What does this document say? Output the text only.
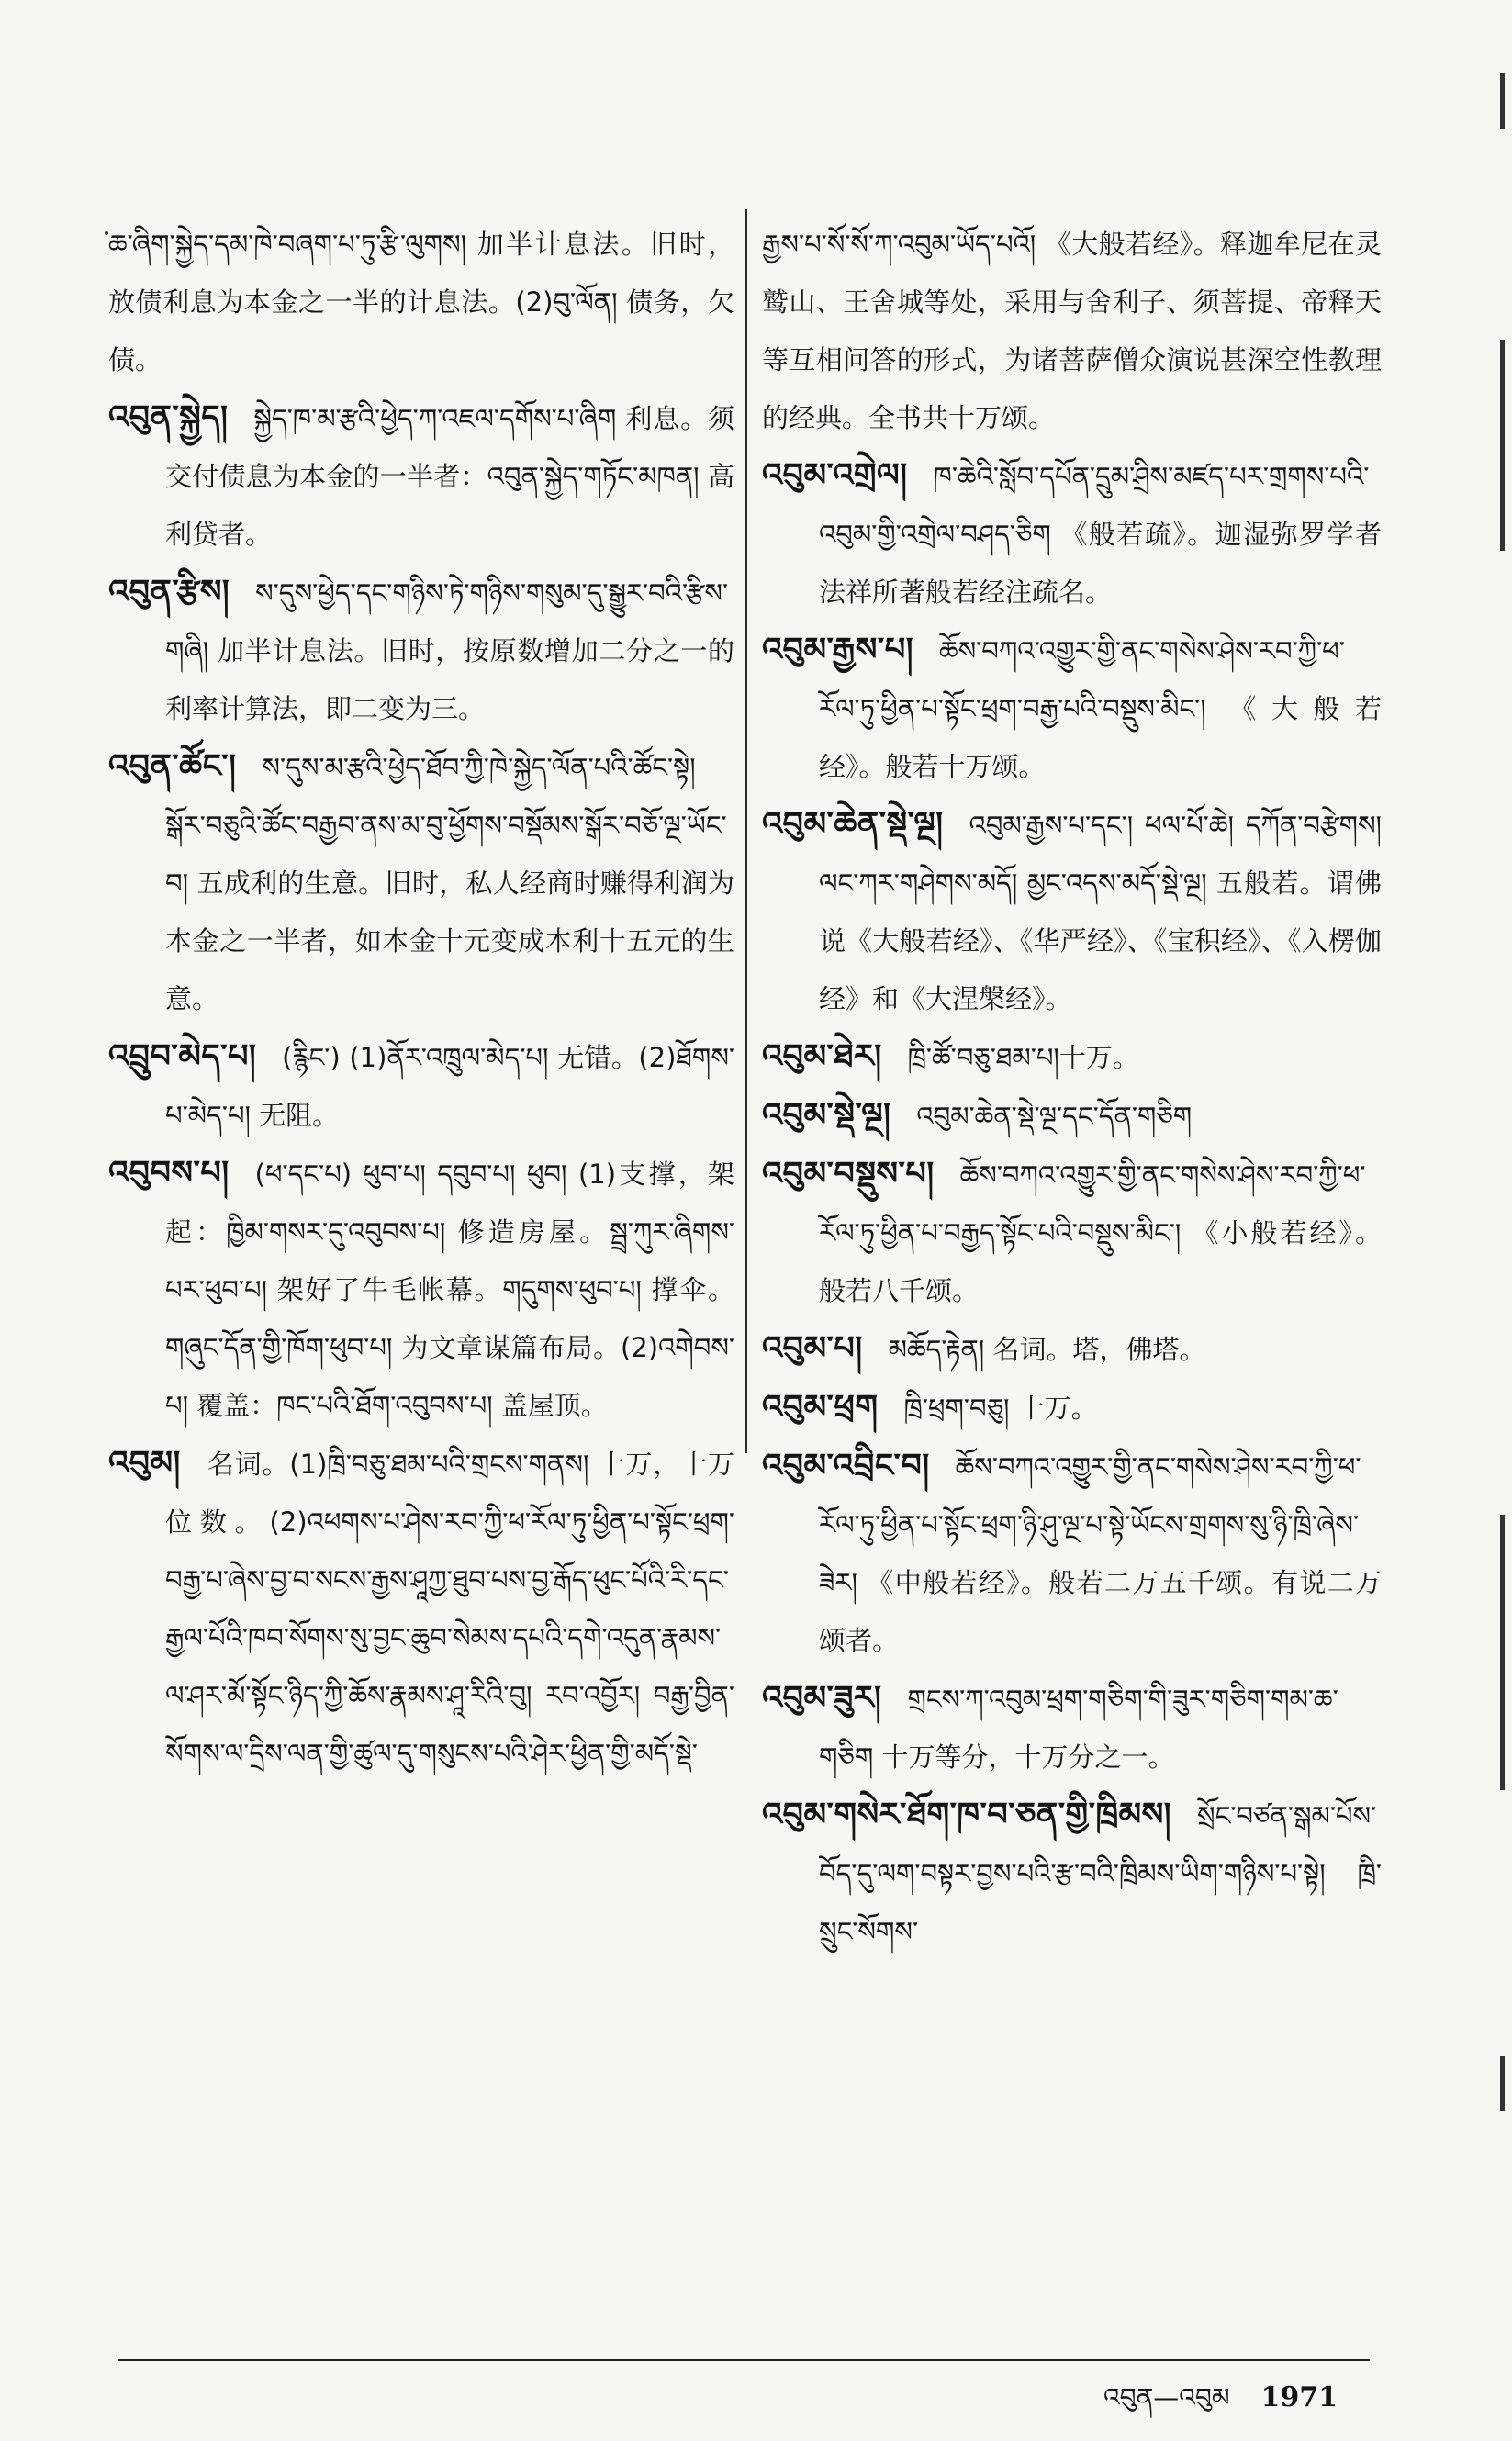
ཆ་ཞིག་སྐྱེད་དམ་ཁེ་བཞག་པ་ཏུ་རྩི་ལུགས། 加半计息法。旧时，放债利息为本金之一半的计息法。(2)བུ་ལོན། 债务，欠债。

འབུན་སྐྱེད། སྐྱེད་ཁ་མ་རྩའི་ཕྱེད་ཀ་འཇལ་དགོས་པ་ཞིག 利息。须交付债息为本金的一半者：འབུན་སྐྱེད་གཏོང་མཁན། 高利贷者。

འབུན་རྩིས། ས་དུས་ཕྱེད་དང་གཉིས་ཏེ་གཉིས་གསུམ་དུ་སྒྱུར་བའི་རྩིས་གཞི། 加半计息法。旧时，按原数增加二分之一的利率计算法，即二变为三。

འབུན་ཚོང་། ས་དུས་མ་རྩའི་ཕྱེད་ཐོབ་ཀྱི་ཁེ་སྐྱེད་ལོན་པའི་ཚོང་སྟེ། སྒོར་བཅུའི་ཚོང་བརྒྱབ་ནས་མ་བུ་ཕྱོགས་བསྡོམས་སྒོར་བཅོ་ལྔ་ཡོང་བ། 五成利的生意。旧时，私人经商时赚得利润为本金之一半者，如本金十元变成本利十五元的生意。

འབྲུབ་མེད་པ། (རྙིང་) (1)ནོར་འཁྲུལ་མེད་པ། 无错。(2)ཐོགས་པ་མེད་པ། 无阻。

འབུབས་པ། (ཕ་དང་པ) ཕུབ་པ། དབུབ་པ། ཕུབ། (1)支撑，架起：ཁྱིམ་གསར་དུ་འབུབས་པ། 修造房屋。སྦྲ་ཀུར་ཞིགས་པར་ཕུབ་པ། 架好了牛毛帐幕。གདུགས་ཕུབ་པ། 撑伞。གཞུང་དོན་གྱི་ཁོག་ཕུབ་པ། 为文章谋篇布局。(2)འགེབས་པ། 覆盖：ཁང་པའི་ཐོག་འབུབས་པ། 盖屋顶。

འབུམ། 名词。(1)ཁྲི་བཅུ་ཐམ་པའི་གྲངས་གནས། 十万，十万位数。(2)འཕགས་པ་ཤེས་རབ་ཀྱི་ཕ་རོལ་ཏུ་ཕྱིན་པ་སྟོང་ཕྲག་བརྒྱ་པ་ཞེས་བྱ་བ་སངས་རྒྱས་ཤཱཀྱ་ཐུབ་པས་བྱ་རྒོད་ཕུང་པོའི་རི་དང་རྒྱལ་པོའི་ཁབ་སོགས་སུ་བྱང་ཆུབ་སེམས་དཔའི་དགེ་འདུན་རྣམས་ལ་ཤར་མོ་སྟོང་ཉིད་ཀྱི་ཆོས་རྣམས་ཤཱ་རིའི་བུ། རབ་འབྱོར། བརྒྱ་བྱིན་སོགས་ལ་དྲིས་ལན་གྱི་ཚུལ་དུ་གསུངས་པའི་ཤེར་ཕྱིན་གྱི་མདོ་སྡེ་

རྒྱས་པ་སོ་སོ་ཀ་འབུམ་ཡོད་པའོ། 《大般若经》。释迦牟尼在灵鹫山、王舍城等处，采用与舍利子、须菩提、帝释天等互相问答的形式，为诸菩萨僧众演说甚深空性教理的经典。全书共十万颂。

འབུམ་འགྲེལ། ཁ་ཆེའི་སློབ་དཔོན་དྲུམ་ཤྲིས་མཛད་པར་གྲགས་པའི་འབུམ་གྱི་འགྲེལ་བཤད་ཅིག 《般若疏》。迦湿弥罗学者法祥所著般若经注疏名。

འབུམ་རྒྱས་པ། ཆོས་བཀའ་འགྱུར་གྱི་ནང་གསེས་ཤེས་རབ་ཀྱི་ཕ་རོལ་ཏུ་ཕྱིན་པ་སྟོང་ཕྲག་བརྒྱ་པའི་བསྡུས་མིང་། 《大般若经》。般若十万颂。

འབུམ་ཆེན་སྡེ་ལྔ། འབུམ་རྒྱས་པ་དང་། ཕལ་པོ་ཆེ། དཀོན་བརྩེགས། ལང་ཀར་གཤེགས་མདོ། མྱང་འདས་མདོ་སྡེ་ལྔ། 五般若。谓佛说《大般若经》、《华严经》、《宝积经》、《入楞伽经》和《大涅槃经》。

འབུམ་ཐེར། ཁྲི་ཚོ་བཅུ་ཐམ་པ།十万。

འབུམ་སྡེ་ལྔ། འབུམ་ཆེན་སྡེ་ལྔ་དང་དོན་གཅིག

འབུམ་བསྡུས་པ། ཆོས་བཀའ་འགྱུར་གྱི་ནང་གསེས་ཤེས་རབ་ཀྱི་ཕ་རོལ་ཏུ་ཕྱིན་པ་བརྒྱད་སྟོང་པའི་བསྡུས་མིང་། 《小般若经》。般若八千颂。

འབུམ་པ། མཆོད་རྟེན། 名词。塔，佛塔。

འབུམ་ཕྲག ཁྲི་ཕྲག་བཅུ། 十万。

འབུམ་འབྲིང་བ། ཆོས་བཀའ་འགྱུར་གྱི་ནང་གསེས་ཤེས་རབ་ཀྱི་ཕ་རོལ་ཏུ་ཕྱིན་པ་སྟོང་ཕྲག་ཉི་ཤུ་ལྔ་པ་སྟེ་ཡོངས་གྲགས་སུ་ཉི་ཁྲི་ཞེས་ཟེར། 《中般若经》。般若二万五千颂。有说二万颂者。

འབུམ་ཟུར། གྲངས་ཀ་འབུམ་ཕྲག་གཅིག་གི་ཟུར་གཅིག་གམ་ཆ་གཅིག 十万等分，十万分之一。

འབུམ་གསེར་ཐོག་ཁ་བ་ཅན་གྱི་ཁྲིམས། སྲོང་བཙན་སྒམ་པོས་བོད་དུ་ལག་བསྟར་བྱས་པའི་རྩ་བའི་ཁྲིམས་ཡིག་གཉིས་པ་སྟེ། ཁྲི་སྲུང་སོགས་

འབུན—འབུམ 1971
